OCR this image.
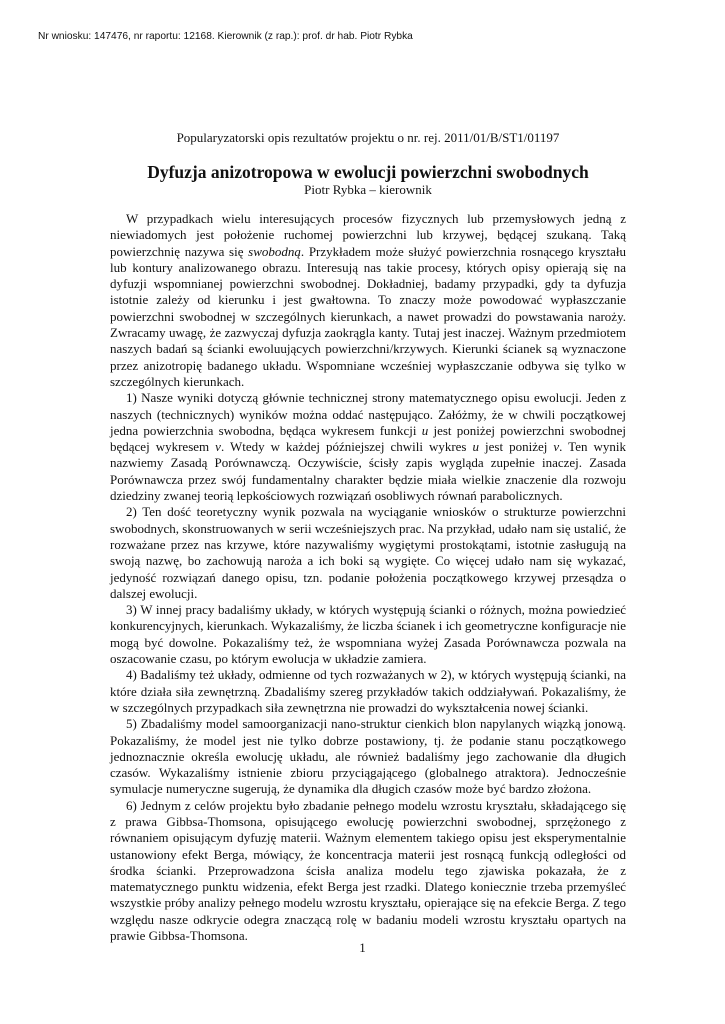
Nr wniosku: 147476, nr raportu: 12168. Kierownik (z rap.): prof. dr hab. Piotr Rybka

Popularyzatorski opis rezultatów projektu o nr. rej. 2011/01/B/ST1/01197

Dyfuzja anizotropowa w ewolucji powierzchni swobodnych

Piotr Rybka – kierownik

W przypadkach wielu interesujących procesów fizycznych lub przemysłowych jedną z niewiadomych jest położenie ruchomej powierzchni lub krzywej, będącej szukaną. Taką powierzchnię nazywa się swobodną. Przykładem może służyć powierzchnia rosnącego kryształu lub kontury analizowanego obrazu. Interesują nas takie procesy, których opisy opierają się na dyfuzji wspomnianej powierzchni swobodnej. Dokładniej, badamy przypadki, gdy ta dyfuzja istotnie zależy od kierunku i jest gwałtowna. To znaczy może powodować wypłaszczanie powierzchni swobodnej w szczególnych kierunkach, a nawet prowadzi do powstawania naroży. Zwracamy uwagę, że zazwyczaj dyfuzja zaokrągla kanty. Tutaj jest inaczej. Ważnym przedmiotem naszych badań są ścianki ewoluujących powierzchni/krzywych. Kierunki ścianek są wyznaczone przez anizotropię badanego układu. Wspomniane wcześniej wypłaszczanie odbywa się tylko w szczególnych kierunkach.

1) Nasze wyniki dotyczą głównie technicznej strony matematycznego opisu ewolucji. Jeden z naszych (technicznych) wyników można oddać następująco. Załóżmy, że w chwili początkowej jedna powierzchnia swobodna, będąca wykresem funkcji u jest poniżej powierzchni swobodnej będącej wykresem v. Wtedy w każdej późniejszej chwili wykres u jest poniżej v. Ten wynik nazwiemy Zasadą Porównawczą. Oczywiście, ścisły zapis wygląda zupełnie inaczej. Zasada Porównawcza przez swój fundamentalny charakter będzie miała wielkie znaczenie dla rozwoju dziedziny zwanej teorią lepkościowych rozwiązań osobliwych równań parabolicznych.

2) Ten dość teoretyczny wynik pozwala na wyciąganie wniosków o strukturze powierzchni swobodnych, skonstruowanych w serii wcześniejszych prac. Na przykład, udało nam się ustalić, że rozważane przez nas krzywe, które nazywaliśmy wygiętymi prostokątami, istotnie zasługują na swoją nazwę, bo zachowują naroża a ich boki są wygięte. Co więcej udało nam się wykazać, jedyność rozwiązań danego opisu, tzn. podanie położenia początkowego krzywej przesądza o dalszej ewolucji.

3) W innej pracy badaliśmy układy, w których występują ścianki o różnych, można powiedzieć konkurencyjnych, kierunkach. Wykazaliśmy, że liczba ścianek i ich geometryczne konfiguracje nie mogą być dowolne. Pokazaliśmy też, że wspomniana wyżej Zasada Porównawcza pozwala na oszacowanie czasu, po którym ewolucja w układzie zamiera.

4) Badaliśmy też układy, odmienne od tych rozważanych w 2), w których występują ścianki, na które działa siła zewnętrzną. Zbadaliśmy szereg przykładów takich oddziaływań. Pokazaliśmy, że w szczególnych przypadkach siła zewnętrzna nie prowadzi do wykształcenia nowej ścianki.

5) Zbadaliśmy model samoorganizacji nano-struktur cienkich blon napylanych wiązką jonową. Pokazaliśmy, że model jest nie tylko dobrze postawiony, tj. że podanie stanu początkowego jednoznacznie określa ewolucję układu, ale również badaliśmy jego zachowanie dla długich czasów. Wykazaliśmy istnienie zbioru przyciągającego (globalnego atraktora). Jednocześnie symulacje numeryczne sugerują, że dynamika dla długich czasów może być bardzo złożona.

6) Jednym z celów projektu było zbadanie pełnego modelu wzrostu kryształu, składającego się z prawa Gibbsa-Thomsona, opisującego ewolucję powierzchni swobodnej, sprzężonego z równaniem opisującym dyfuzję materii. Ważnym elementem takiego opisu jest eksperymentalnie ustanowiony efekt Berga, mówiący, że koncentracja materii jest rosnącą funkcją odległości od środka ścianki. Przeprowadzona ścisła analiza modelu tego zjawiska pokazała, że z matematycznego punktu widzenia, efekt Berga jest rzadki. Dlatego koniecznie trzeba przemyśleć wszystkie próby analizy pełnego modelu wzrostu kryształu, opierające się na efekcie Berga. Z tego względu nasze odkrycie odegra znaczącą rolę w badaniu modeli wzrostu kryształu opartych na prawie Gibbsa-Thomsona.

1
